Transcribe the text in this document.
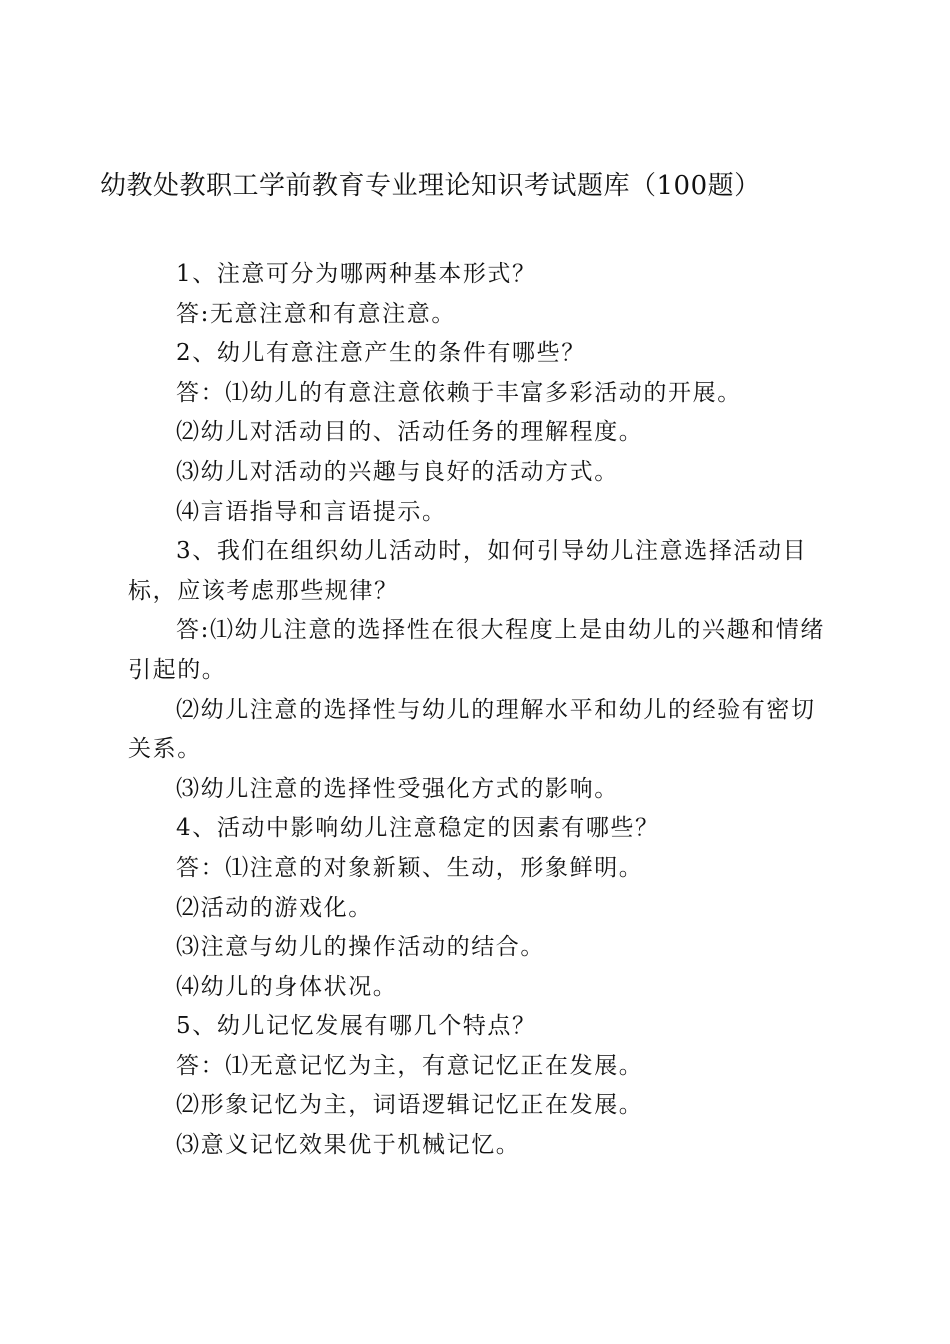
幼教处教职工学前教育专业理论知识考试题库（100题）

1、注意可分为哪两种基本形式？

答:无意注意和有意注意。

2、幼儿有意注意产生的条件有哪些？

答：⑴幼儿的有意注意依赖于丰富多彩活动的开展。

⑵幼儿对活动目的、活动任务的理解程度。

⑶幼儿对活动的兴趣与良好的活动方式。

⑷言语指导和言语提示。

3、我们在组织幼儿活动时，如何引导幼儿注意选择活动目标，应该考虑那些规律？

答:⑴幼儿注意的选择性在很大程度上是由幼儿的兴趣和情绪引起的。

⑵幼儿注意的选择性与幼儿的理解水平和幼儿的经验有密切关系。

⑶幼儿注意的选择性受强化方式的影响。

4、活动中影响幼儿注意稳定的因素有哪些？

答：⑴注意的对象新颖、生动，形象鲜明。

⑵活动的游戏化。

⑶注意与幼儿的操作活动的结合。

⑷幼儿的身体状况。

5、幼儿记忆发展有哪几个特点？

答：⑴无意记忆为主，有意记忆正在发展。

⑵形象记忆为主，词语逻辑记忆正在发展。

⑶意义记忆效果优于机械记忆。
